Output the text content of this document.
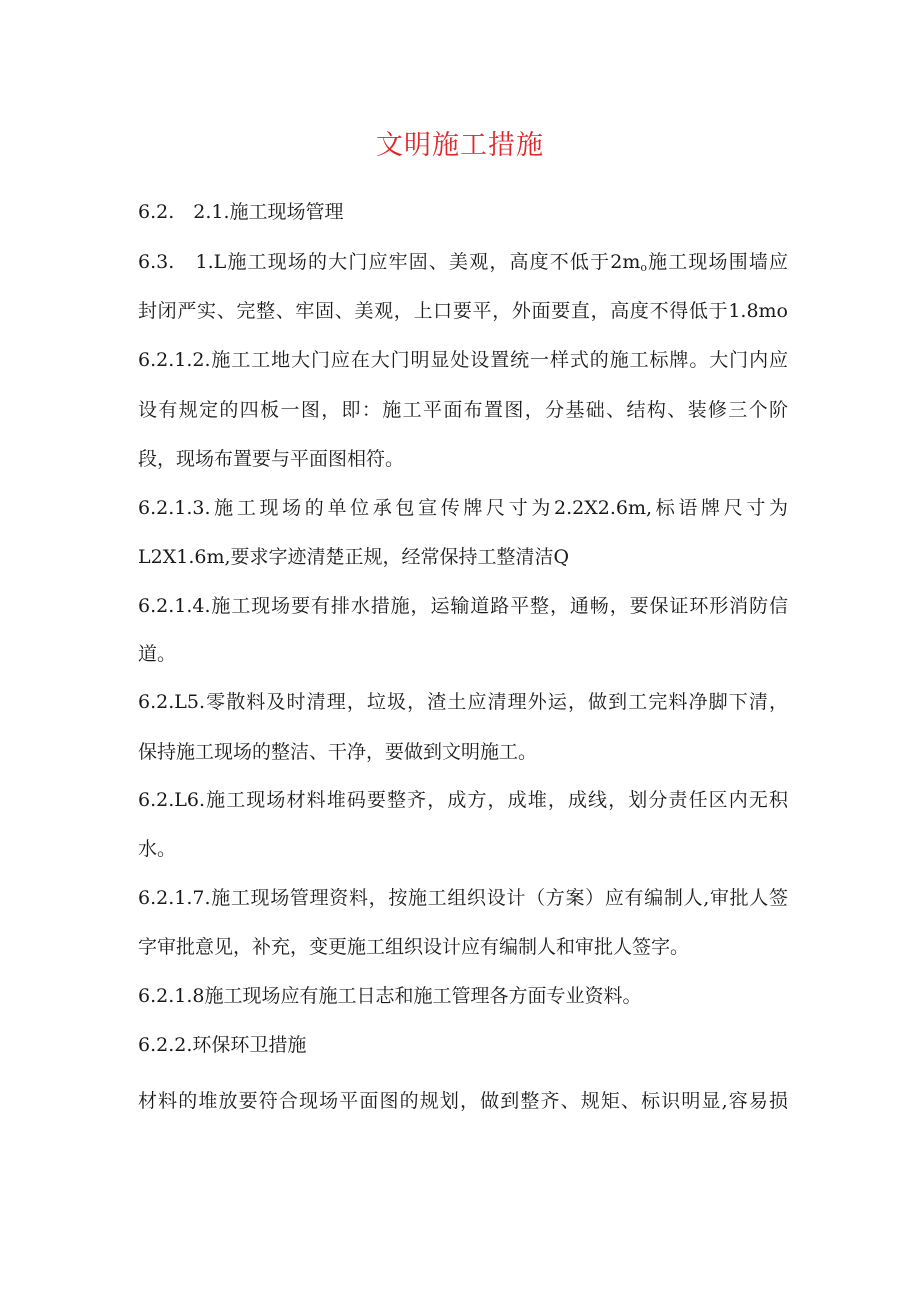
文明施工措施
6.2.　2.1.施工现场管理
6.3.　1.L施工现场的大门应牢固、美观，高度不低于$2m_o$施工现场围墙应
封闭严实、完整、牢固、美观，上口要平，外面要直，高度不得低于1.8mo
6.2.1.2.施工工地大门应在大门明显处设置统一样式的施工标牌。大门内应
设有规定的四板一图，即：施工平面布置图，分基础、结构、装修三个阶
段，现场布置要与平面图相符。
6.2.1.3.施工现场的单位承包宣传牌尺寸为2.2X2.6m,标语牌尺寸为
L2X1.6m,要求字迹清楚正规，经常保持工整清洁Q
6.2.1.4.施工现场要有排水措施，运输道路平整，通畅，要保证环形消防信
道。
6.2.L5.零散料及时清理，垃圾，渣土应清理外运，做到工完料净脚下清，
保持施工现场的整洁、干净，要做到文明施工。
6.2.L6.施工现场材料堆码要整齐，成方，成堆，成线，划分责任区内无积
水。
6.2.1.7.施工现场管理资料，按施工组织设计（方案）应有编制人,审批人签
字审批意见，补充，变更施工组织设计应有编制人和审批人签字。
6.2.1.8施工现场应有施工日志和施工管理各方面专业资料。
6.2.2.环保环卫措施
材料的堆放要符合现场平面图的规划，做到整齐、规矩、标识明显,容易损
